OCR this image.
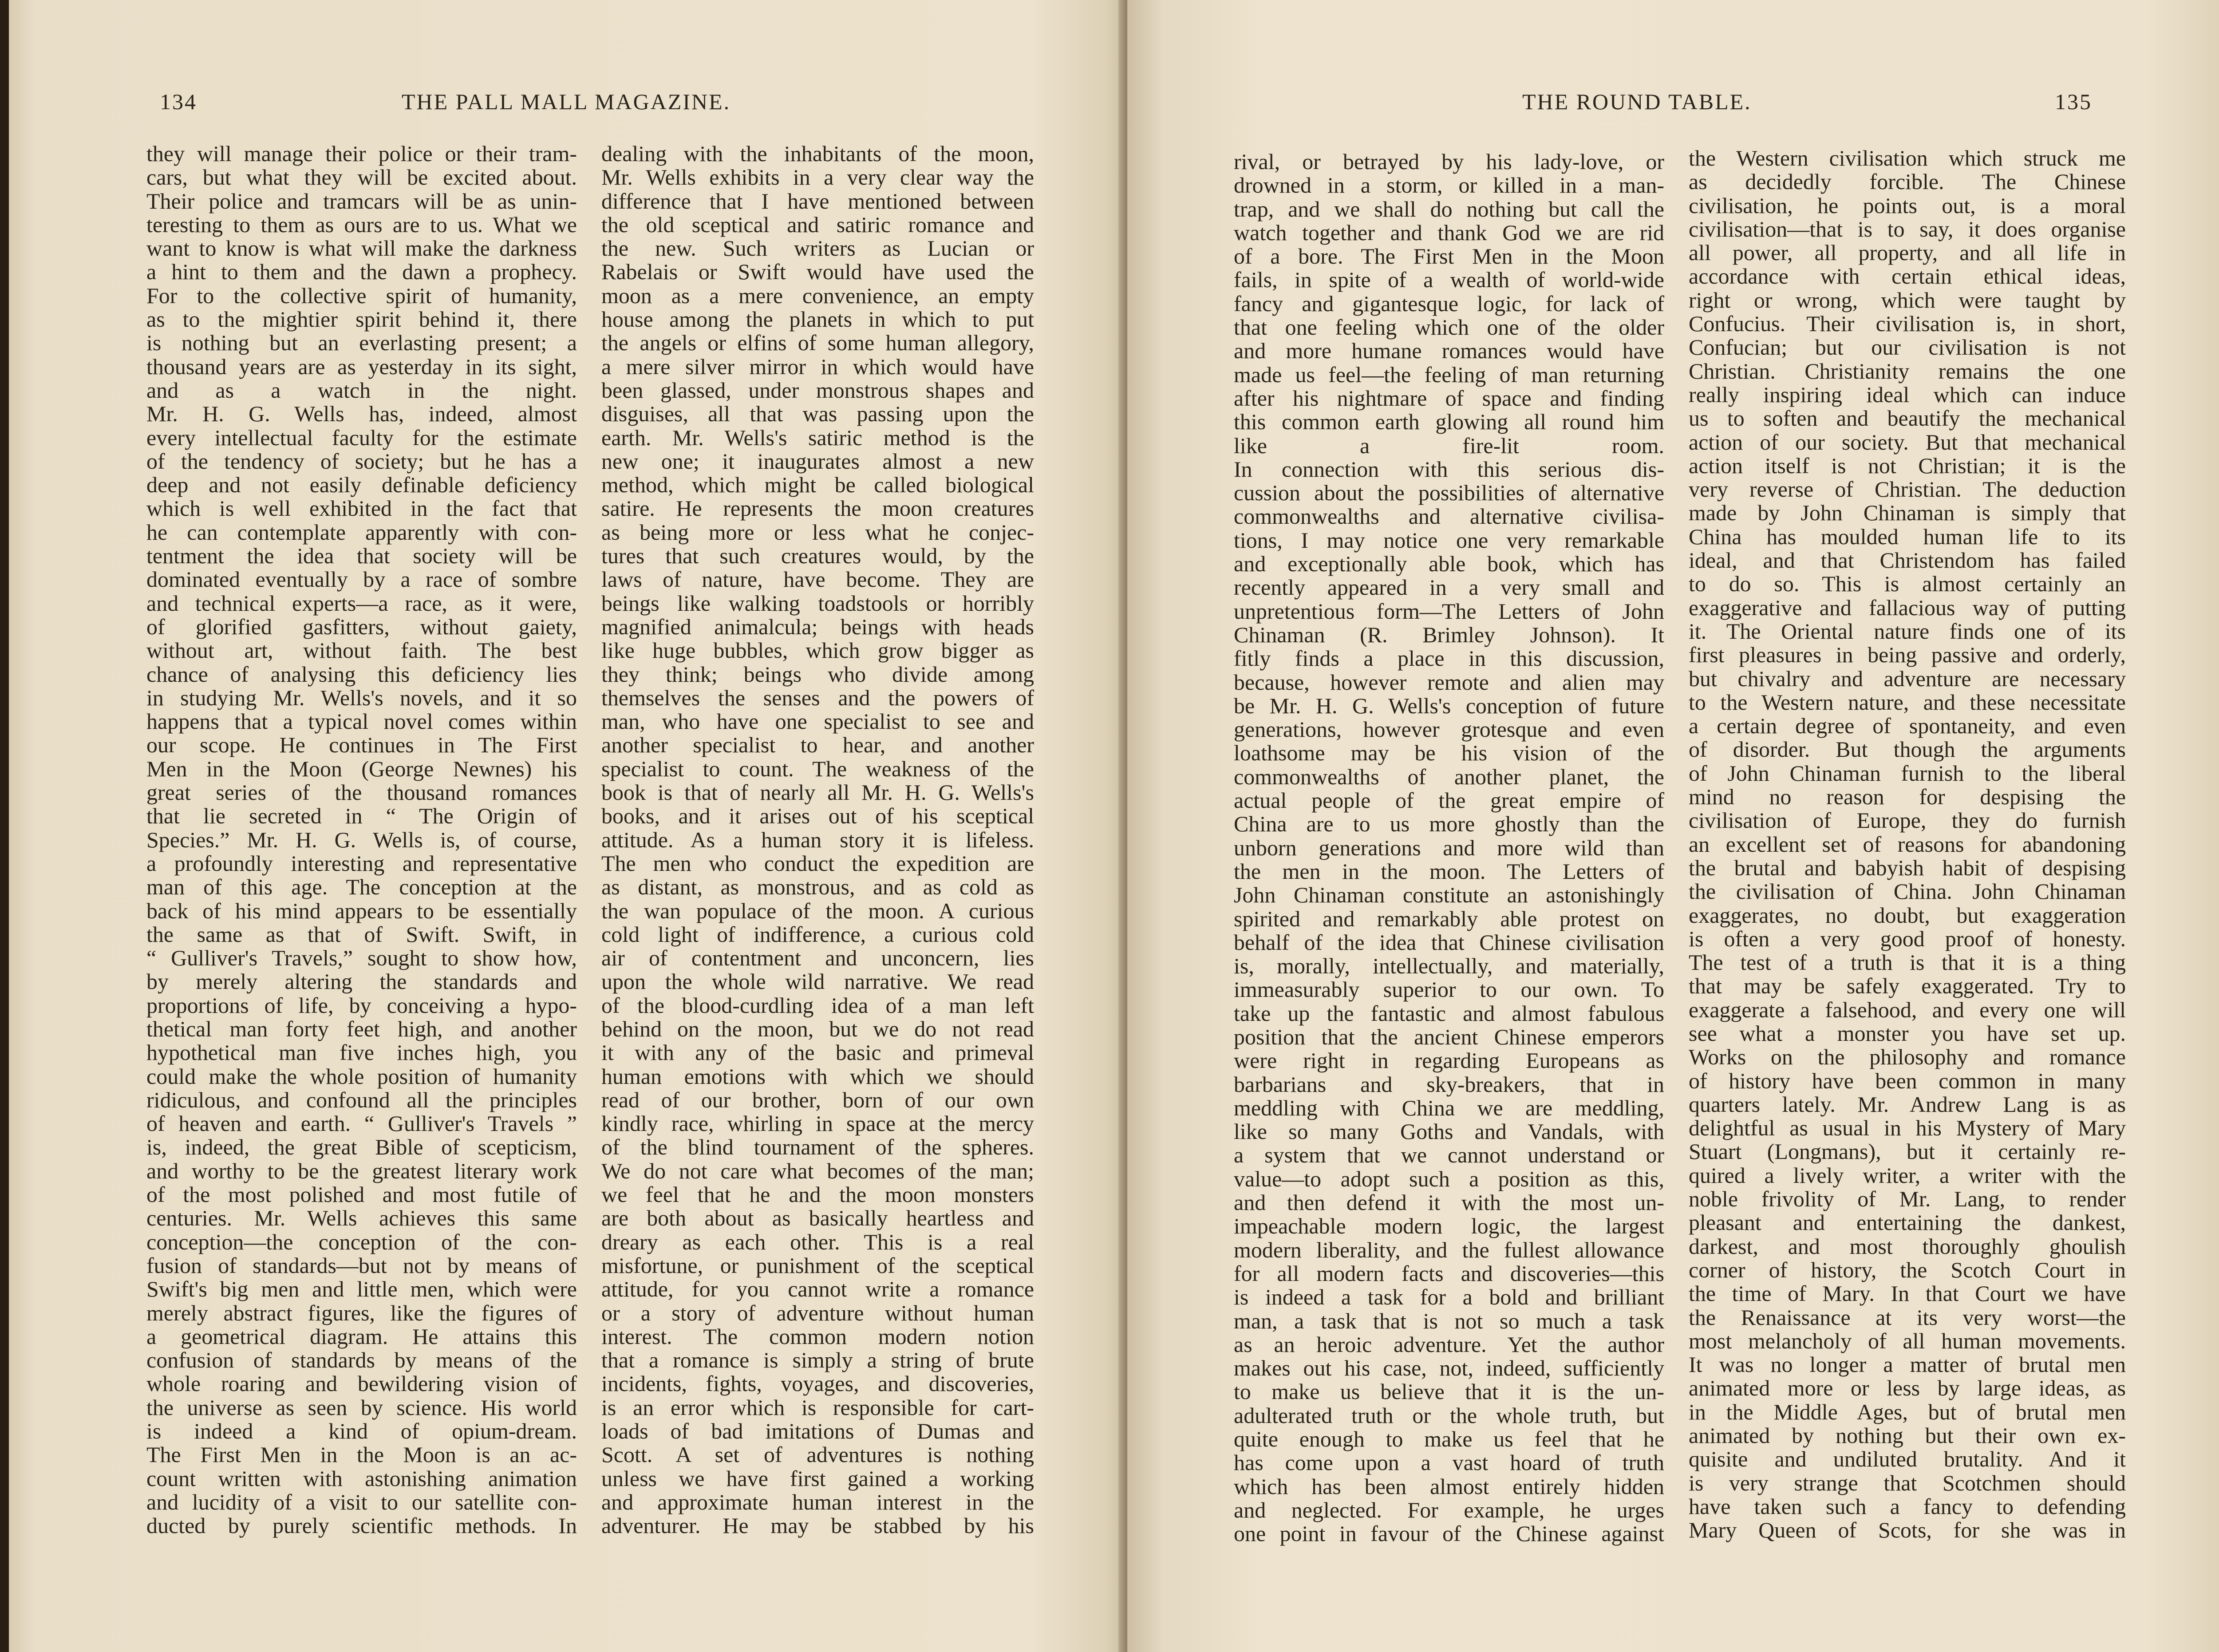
134	THE PALL MALL MAGAZINE.
they will manage their police or their tram-
cars, but what they will be excited about.
Their police and tramcars will be as unin-
teresting to them as ours are to us. What we
want to know is what will make the darkness
a hint to them and the dawn a prophecy.
For to the collective spirit of humanity,
as to the mightier spirit behind it, there
is nothing but an everlasting present; a
thousand years are as yesterday in its sight,
and as a watch in the night.
Mr. H. G. Wells has, indeed, almost
every intellectual faculty for the estimate
of the tendency of society; but he has a
deep and not easily definable deficiency
which is well exhibited in the fact that
he can contemplate apparently with con-
tentment the idea that society will be
dominated eventually by a race of sombre
and technical experts—a race, as it were,
of glorified gasfitters, without gaiety,
without art, without faith. The best
chance of analysing this deficiency lies
in studying Mr. Wells's novels, and it so
happens that a typical novel comes within
our scope. He continues in The First
Men in the Moon (George Newnes) his
great series of the thousand romances
that lie secreted in “ The Origin of
Species.” Mr. H. G. Wells is, of course,
a profoundly interesting and representative
man of this age. The conception at the
back of his mind appears to be essentially
the same as that of Swift. Swift, in
“ Gulliver's Travels,” sought to show how,
by merely altering the standards and
proportions of life, by conceiving a hypo-
thetical man forty feet high, and another
hypothetical man five inches high, you
could make the whole position of humanity
ridiculous, and confound all the principles
of heaven and earth. “ Gulliver's Travels ”
is, indeed, the great Bible of scepticism,
and worthy to be the greatest literary work
of the most polished and most futile of
centuries. Mr. Wells achieves this same
conception—the conception of the con-
fusion of standards—but not by means of
Swift's big men and little men, which were
merely abstract figures, like the figures of
a geometrical diagram. He attains this
confusion of standards by means of the
whole roaring and bewildering vision of
the universe as seen by science. His world
is indeed a kind of opium-dream.
The First Men in the Moon is an ac-
count written with astonishing animation
and lucidity of a visit to our satellite con-
ducted by purely scientific methods. In
dealing with the inhabitants of the moon,
Mr. Wells exhibits in a very clear way the
difference that I have mentioned between
the old sceptical and satiric romance and
the new. Such writers as Lucian or
Rabelais or Swift would have used the
moon as a mere convenience, an empty
house among the planets in which to put
the angels or elfins of some human allegory,
a mere silver mirror in which would have
been glassed, under monstrous shapes and
disguises, all that was passing upon the
earth. Mr. Wells's satiric method is the
new one; it inaugurates almost a new
method, which might be called biological
satire. He represents the moon creatures
as being more or less what he conjec-
tures that such creatures would, by the
laws of nature, have become. They are
beings like walking toadstools or horribly
magnified animalcula; beings with heads
like huge bubbles, which grow bigger as
they think; beings who divide among
themselves the senses and the powers of
man, who have one specialist to see and
another specialist to hear, and another
specialist to count. The weakness of the
book is that of nearly all Mr. H. G. Wells's
books, and it arises out of his sceptical
attitude. As a human story it is lifeless.
The men who conduct the expedition are
as distant, as monstrous, and as cold as
the wan populace of the moon. A curious
cold light of indifference, a curious cold
air of contentment and unconcern, lies
upon the whole wild narrative. We read
of the blood-curdling idea of a man left
behind on the moon, but we do not read
it with any of the basic and primeval
human emotions with which we should
read of our brother, born of our own
kindly race, whirling in space at the mercy
of the blind tournament of the spheres.
We do not care what becomes of the man;
we feel that he and the moon monsters
are both about as basically heartless and
dreary as each other. This is a real
misfortune, or punishment of the sceptical
attitude, for you cannot write a romance
or a story of adventure without human
interest. The common modern notion
that a romance is simply a string of brute
incidents, fights, voyages, and discoveries,
is an error which is responsible for cart-
loads of bad imitations of Dumas and
Scott. A set of adventures is nothing
unless we have first gained a working
and approximate human interest in the
adventurer. He may be stabbed by his
THE ROUND TABLE.	135
rival, or betrayed by his lady-love, or
drowned in a storm, or killed in a man-
trap, and we shall do nothing but call the
watch together and thank God we are rid
of a bore. The First Men in the Moon
fails, in spite of a wealth of world-wide
fancy and gigantesque logic, for lack of
that one feeling which one of the older
and more humane romances would have
made us feel—the feeling of man returning
after his nightmare of space and finding
this common earth glowing all round him
like a fire-lit room.
In connection with this serious dis-
cussion about the possibilities of alternative
commonwealths and alternative civilisa-
tions, I may notice one very remarkable
and exceptionally able book, which has
recently appeared in a very small and
unpretentious form—The Letters of John
Chinaman (R. Brimley Johnson). It
fitly finds a place in this discussion,
because, however remote and alien may
be Mr. H. G. Wells's conception of future
generations, however grotesque and even
loathsome may be his vision of the
commonwealths of another planet, the
actual people of the great empire of
China are to us more ghostly than the
unborn generations and more wild than
the men in the moon. The Letters of
John Chinaman constitute an astonishingly
spirited and remarkably able protest on
behalf of the idea that Chinese civilisation
is, morally, intellectually, and materially,
immeasurably superior to our own. To
take up the fantastic and almost fabulous
position that the ancient Chinese emperors
were right in regarding Europeans as
barbarians and sky-breakers, that in
meddling with China we are meddling,
like so many Goths and Vandals, with
a system that we cannot understand or
value—to adopt such a position as this,
and then defend it with the most un-
impeachable modern logic, the largest
modern liberality, and the fullest allowance
for all modern facts and discoveries—this
is indeed a task for a bold and brilliant
man, a task that is not so much a task
as an heroic adventure. Yet the author
makes out his case, not, indeed, sufficiently
to make us believe that it is the un-
adulterated truth or the whole truth, but
quite enough to make us feel that he
has come upon a vast hoard of truth
which has been almost entirely hidden
and neglected. For example, he urges
one point in favour of the Chinese against
the Western civilisation which struck me
as decidedly forcible. The Chinese
civilisation, he points out, is a moral
civilisation—that is to say, it does organise
all power, all property, and all life in
accordance with certain ethical ideas,
right or wrong, which were taught by
Confucius. Their civilisation is, in short,
Confucian; but our civilisation is not
Christian. Christianity remains the one
really inspiring ideal which can induce
us to soften and beautify the mechanical
action of our society. But that mechanical
action itself is not Christian; it is the
very reverse of Christian. The deduction
made by John Chinaman is simply that
China has moulded human life to its
ideal, and that Christendom has failed
to do so. This is almost certainly an
exaggerative and fallacious way of putting
it. The Oriental nature finds one of its
first pleasures in being passive and orderly,
but chivalry and adventure are necessary
to the Western nature, and these necessitate
a certain degree of spontaneity, and even
of disorder. But though the arguments
of John Chinaman furnish to the liberal
mind no reason for despising the
civilisation of Europe, they do furnish
an excellent set of reasons for abandoning
the brutal and babyish habit of despising
the civilisation of China. John Chinaman
exaggerates, no doubt, but exaggeration
is often a very good proof of honesty.
The test of a truth is that it is a thing
that may be safely exaggerated. Try to
exaggerate a falsehood, and every one will
see what a monster you have set up.
Works on the philosophy and romance
of history have been common in many
quarters lately. Mr. Andrew Lang is as
delightful as usual in his Mystery of Mary
Stuart (Longmans), but it certainly re-
quired a lively writer, a writer with the
noble frivolity of Mr. Lang, to render
pleasant and entertaining the dankest,
darkest, and most thoroughly ghoulish
corner of history, the Scotch Court in
the time of Mary. In that Court we have
the Renaissance at its very worst—the
most melancholy of all human movements.
It was no longer a matter of brutal men
animated more or less by large ideas, as
in the Middle Ages, but of brutal men
animated by nothing but their own ex-
quisite and undiluted brutality. And it
is very strange that Scotchmen should
have taken such a fancy to defending
Mary Queen of Scots, for she was in
